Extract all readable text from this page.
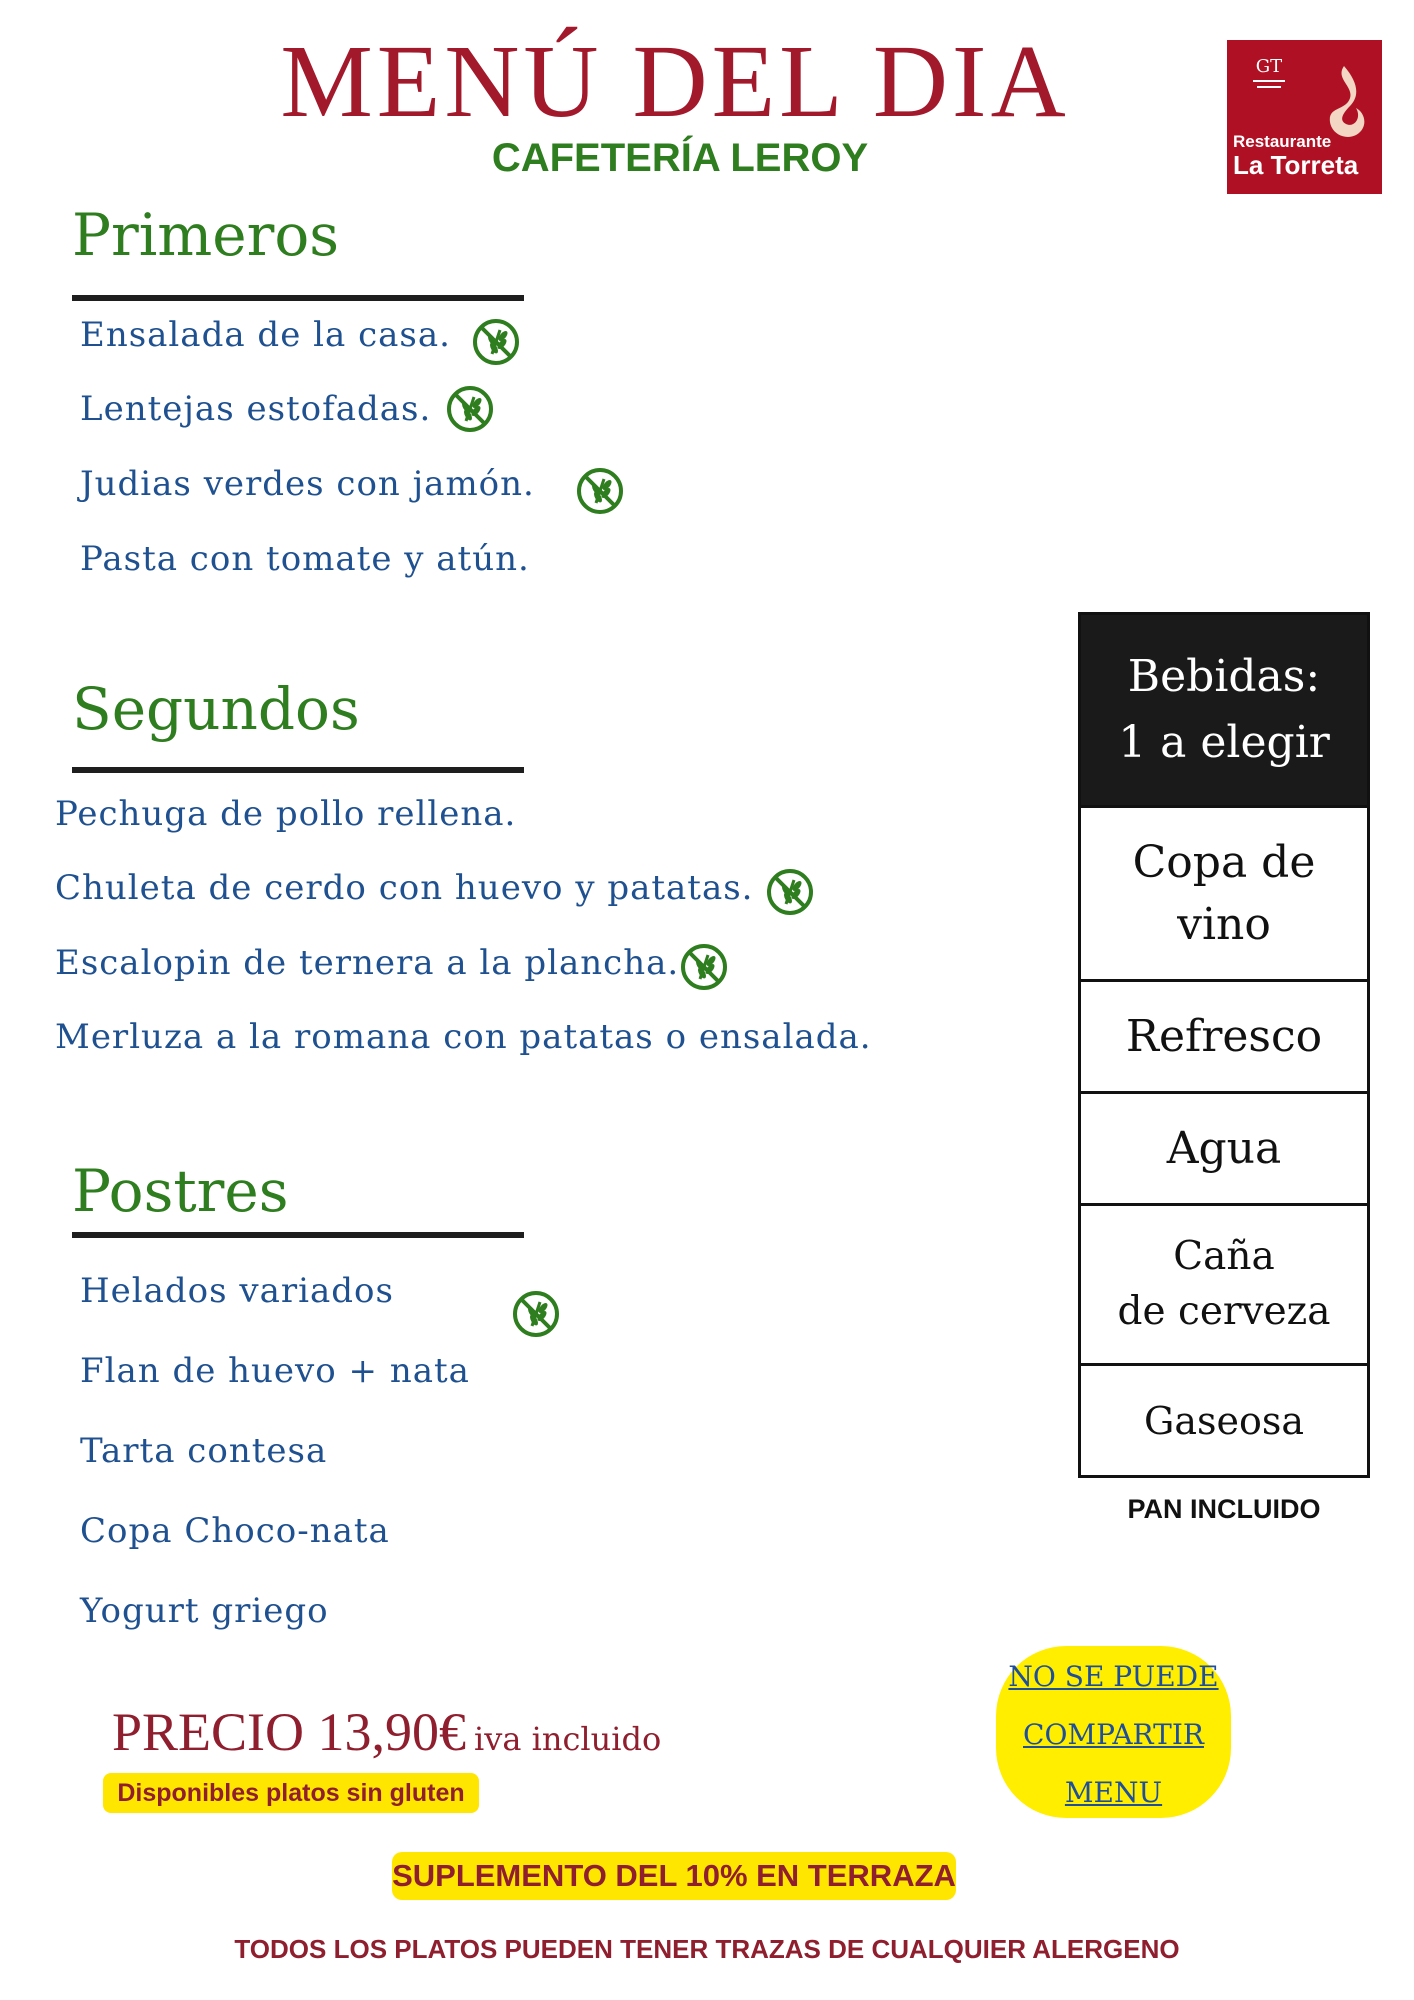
MENÚ DEL DIA
CAFETERÍA LEROY
GT
Restaurante
La Torreta
Primeros
Ensalada de la casa.
Lentejas estofadas.
Judias verdes con jamón.
Pasta con tomate y atún.
Segundos
Pechuga de pollo rellena.
Chuleta de cerdo con huevo y patatas.
Escalopin de ternera a la plancha.
Merluza a la romana con patatas o ensalada.
Postres
Helados variados
Flan de huevo + nata
Tarta contesa
Copa Choco-nata
Yogurt griego
Bebidas:
1 a elegir
Copa de
vino
Refresco
Agua
Caña
de cerveza
Gaseosa
PAN INCLUIDO
PRECIO 13,90€ iva incluido
Disponibles platos sin gluten
NO SE PUEDE
COMPARTIR
MENU
SUPLEMENTO DEL 10% EN TERRAZA
TODOS LOS PLATOS PUEDEN TENER TRAZAS DE CUALQUIER ALERGENO
